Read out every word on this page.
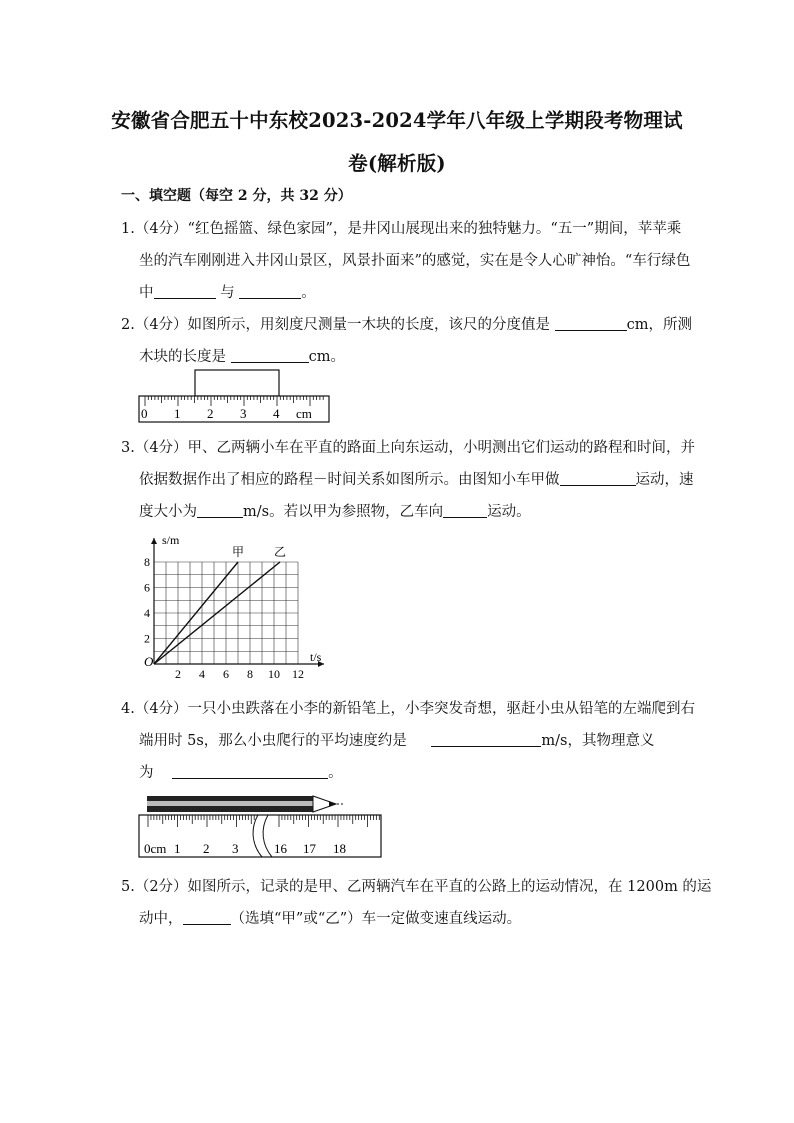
安徽省合肥五十中东校2023-2024学年八年级上学期段考物理试
卷(解析版)
一、填空题（每空 2 分，共 32 分）
1.（4分）“红色摇篮、绿色家园”，是井冈山展现出来的独特魅力。“五一”期间，苹苹乘
坐的汽车刚刚进入井冈山景区，风景扑面来”的感觉，实在是令人心旷神怡。“车行绿色
中	与	。
2.（4分）如图所示，用刻度尺测量一木块的长度，该尺的分度值是	cm，所测
木块的长度是	cm。
0 1 2 3 4 cm
3.（4分）甲、乙两辆小车在平直的路面上向东运动，小明测出它们运动的路程和时间，并
依据数据作出了相应的路程－时间关系如图所示。由图知小车甲做	运动，速
度大小为	m/s。若以甲为参照物，乙车向	运动。
甲 乙
2 4 6 8 10 12
2
4
6
8
s/m
t/s
O
4.（4分）一只小虫跌落在小李的新铅笔上，小李突发奇想，驱赶小虫从铅笔的左端爬到右
端用时 5s，那么小虫爬行的平均速度约是	m/s，其物理意义
为	。
0cm 1 2 3	16 17 18
5.（2分）如图所示，记录的是甲、乙两辆汽车在平直的公路上的运动情况，在 1200m 的运
动中，	（选填“甲”或“乙”）车一定做变速直线运动。
